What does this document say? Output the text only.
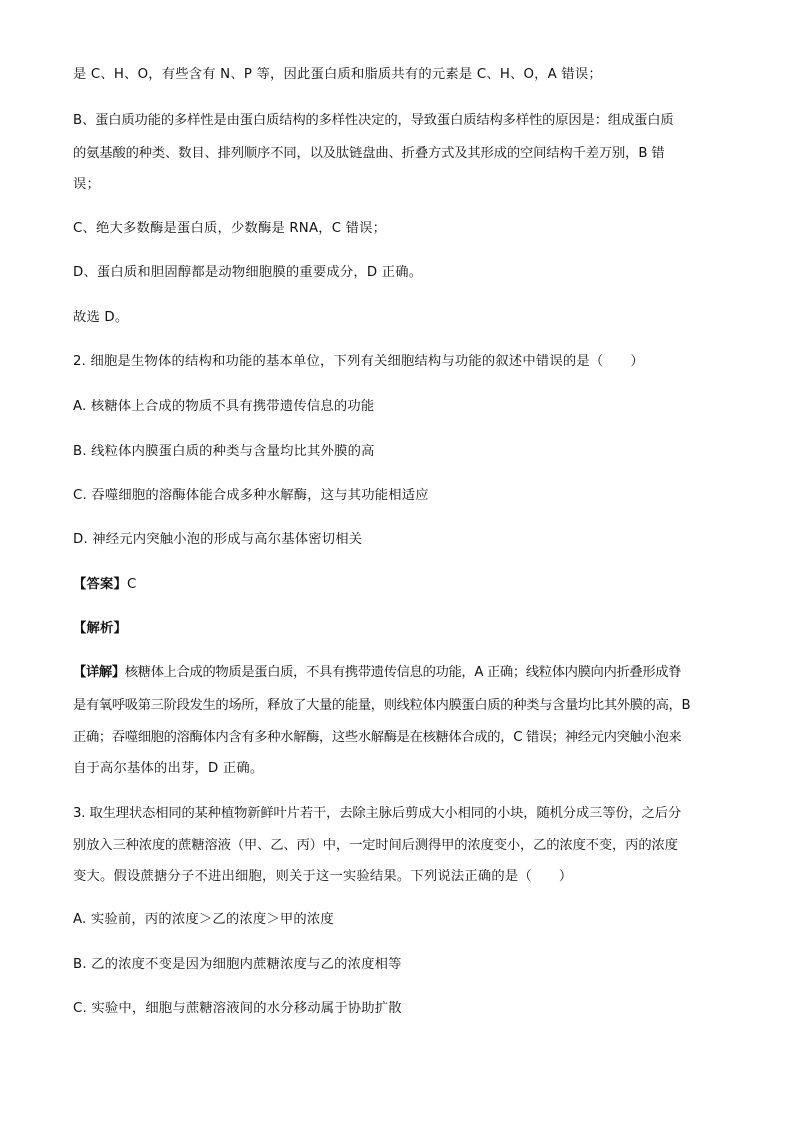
是 C、H、O，有些含有 N、P 等，因此蛋白质和脂质共有的元素是 C、H、O，A 错误；
B、蛋白质功能的多样性是由蛋白质结构的多样性决定的，导致蛋白质结构多样性的原因是：组成蛋白质
的氨基酸的种类、数目、排列顺序不同，以及肽链盘曲、折叠方式及其形成的空间结构千差万别，B 错
误；
C、绝大多数酶是蛋白质，少数酶是 RNA，C 错误；
D、蛋白质和胆固醇都是动物细胞膜的重要成分，D 正确。
故选 D。
2. 细胞是生物体的结构和功能的基本单位，下列有关细胞结构与功能的叙述中错误的是（　　）
A. 核糖体上合成的物质不具有携带遗传信息的功能
B. 线粒体内膜蛋白质的种类与含量均比其外膜的高
C. 吞噬细胞的溶酶体能合成多种水解酶，这与其功能相适应
D. 神经元内突触小泡的形成与高尔基体密切相关
【答案】C
【解析】
【详解】核糖体上合成的物质是蛋白质，不具有携带遗传信息的功能，A 正确；线粒体内膜向内折叠形成脊
是有氧呼吸第三阶段发生的场所，释放了大量的能量，则线粒体内膜蛋白质的种类与含量均比其外膜的高，B
正确；吞噬细胞的溶酶体内含有多种水解酶，这些水解酶是在核糖体合成的，C 错误；神经元内突触小泡来
自于高尔基体的出芽，D 正确。
3. 取生理状态相同的某种植物新鲜叶片若干，去除主脉后剪成大小相同的小块，随机分成三等份，之后分
别放入三种浓度的蔗糖溶液（甲、乙、丙）中，一定时间后测得甲的浓度变小，乙的浓度不变，丙的浓度
变大。假设蔗搪分子不进出细胞，则关于这一实验结果。下列说法正确的是（　　）
A. 实验前，丙的浓度＞乙的浓度＞甲的浓度
B. 乙的浓度不变是因为细胞内蔗糖浓度与乙的浓度相等
C. 实验中，细胞与蔗糖溶液间的水分移动属于协助扩散
